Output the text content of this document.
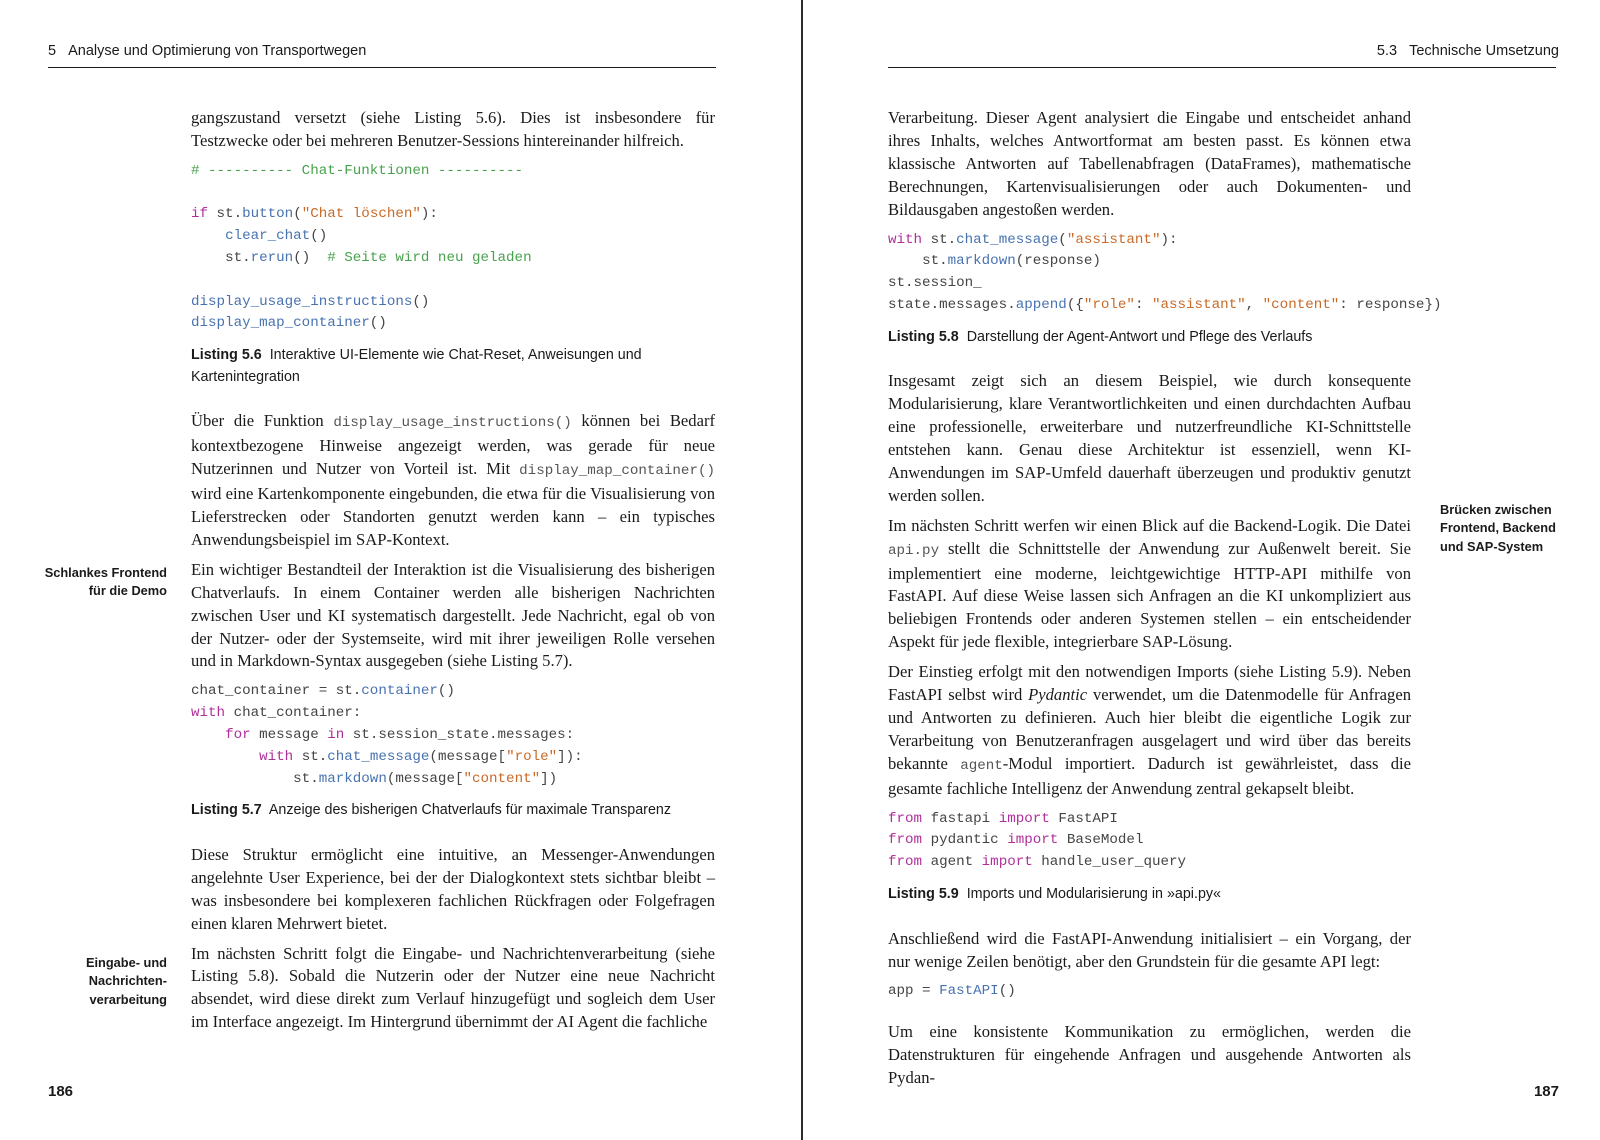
5 Analyse und Optimierung von Transportwegen
Schlankes Frontend für die Demo
Eingabe- und Nachrichten-verarbeitung

gangszustand versetzt (siehe Listing 5.6). Dies ist insbesondere für Testzwecke oder bei mehreren Benutzer-Sessions hintereinander hilfreich.

# ---------- Chat-Funktionen ----------

if st.button("Chat löschen"):
clear_chat()
st.rerun()  # Seite wird neu geladen

display_usage_instructions()
display_map_container()
Listing 5.6 Interaktive UI-Elemente wie Chat-Reset, Anweisungen und Kartenintegration

Über die Funktion display_usage_instructions() können bei Bedarf kontextbezogene Hinweise angezeigt werden, was gerade für neue Nutzerinnen und Nutzer von Vorteil ist. Mit display_map_container() wird eine Kartenkomponente eingebunden, die etwa für die Visualisierung von Lieferstrecken oder Standorten genutzt werden kann – ein typisches Anwendungsbeispiel im SAP-Kontext.

Ein wichtiger Bestandteil der Interaktion ist die Visualisierung des bisherigen Chatverlaufs. In einem Container werden alle bisherigen Nachrichten zwischen User und KI systematisch dargestellt. Jede Nachricht, egal ob von der Nutzer- oder der Systemseite, wird mit ihrer jeweiligen Rolle versehen und in Markdown-Syntax ausgegeben (siehe Listing 5.7).

chat_container = st.container()
with chat_container:
for message in st.session_state.messages:
with st.chat_message(message["role"]):
st.markdown(message["content"])
Listing 5.7 Anzeige des bisherigen Chatverlaufs für maximale Transparenz

Diese Struktur ermöglicht eine intuitive, an Messenger-Anwendungen angelehnte User Experience, bei der der Dialogkontext stets sichtbar bleibt – was insbesondere bei komplexeren fachlichen Rückfragen oder Folgefragen einen klaren Mehrwert bietet.

Im nächsten Schritt folgt die Eingabe- und Nachrichtenverarbeitung (siehe Listing 5.8). Sobald die Nutzerin oder der Nutzer eine neue Nachricht absendet, wird diese direkt zum Verlauf hinzugefügt und sogleich dem User im Interface angezeigt. Im Hintergrund übernimmt der AI Agent die fachliche

186
5.3 Technische Umsetzung
Brücken zwischen Frontend, Backend und SAP-System

Verarbeitung. Dieser Agent analysiert die Eingabe und entscheidet anhand ihres Inhalts, welches Antwortformat am besten passt. Es können etwa klassische Antworten auf Tabellenabfragen (DataFrames), mathematische Berechnungen, Kartenvisualisierungen oder auch Dokumenten- und Bildausgaben angestoßen werden.

with st.chat_message("assistant"):
st.markdown(response)
st.session_
state.messages.append({"role": "assistant", "content": response})
Listing 5.8 Darstellung der Agent-Antwort und Pflege des Verlaufs

Insgesamt zeigt sich an diesem Beispiel, wie durch konsequente Modularisierung, klare Verantwortlichkeiten und einen durchdachten Aufbau eine professionelle, erweiterbare und nutzerfreundliche KI-Schnittstelle entstehen kann. Genau diese Architektur ist essenziell, wenn KI-Anwendungen im SAP-Umfeld dauerhaft überzeugen und produktiv genutzt werden sollen.

Im nächsten Schritt werfen wir einen Blick auf die Backend-Logik. Die Datei api.py stellt die Schnittstelle der Anwendung zur Außenwelt bereit. Sie implementiert eine moderne, leichtgewichtige HTTP-API mithilfe von FastAPI. Auf diese Weise lassen sich Anfragen an die KI unkompliziert aus beliebigen Frontends oder anderen Systemen stellen – ein entscheidender Aspekt für jede flexible, integrierbare SAP-Lösung.

Der Einstieg erfolgt mit den notwendigen Imports (siehe Listing 5.9). Neben FastAPI selbst wird Pydantic verwendet, um die Datenmodelle für Anfragen und Antworten zu definieren. Auch hier bleibt die eigentliche Logik zur Verarbeitung von Benutzeranfragen ausgelagert und wird über das bereits bekannte agent-Modul importiert. Dadurch ist gewährleistet, dass die gesamte fachliche Intelligenz der Anwendung zentral gekapselt bleibt.

from fastapi import FastAPI
from pydantic import BaseModel
from agent import handle_user_query
Listing 5.9 Imports und Modularisierung in »api.py«

Anschließend wird die FastAPI-Anwendung initialisiert – ein Vorgang, der nur wenige Zeilen benötigt, aber den Grundstein für die gesamte API legt:

app = FastAPI()

Um eine konsistente Kommunikation zu ermöglichen, werden die Datenstrukturen für eingehende Anfragen und ausgehende Antworten als Pydan-

187
